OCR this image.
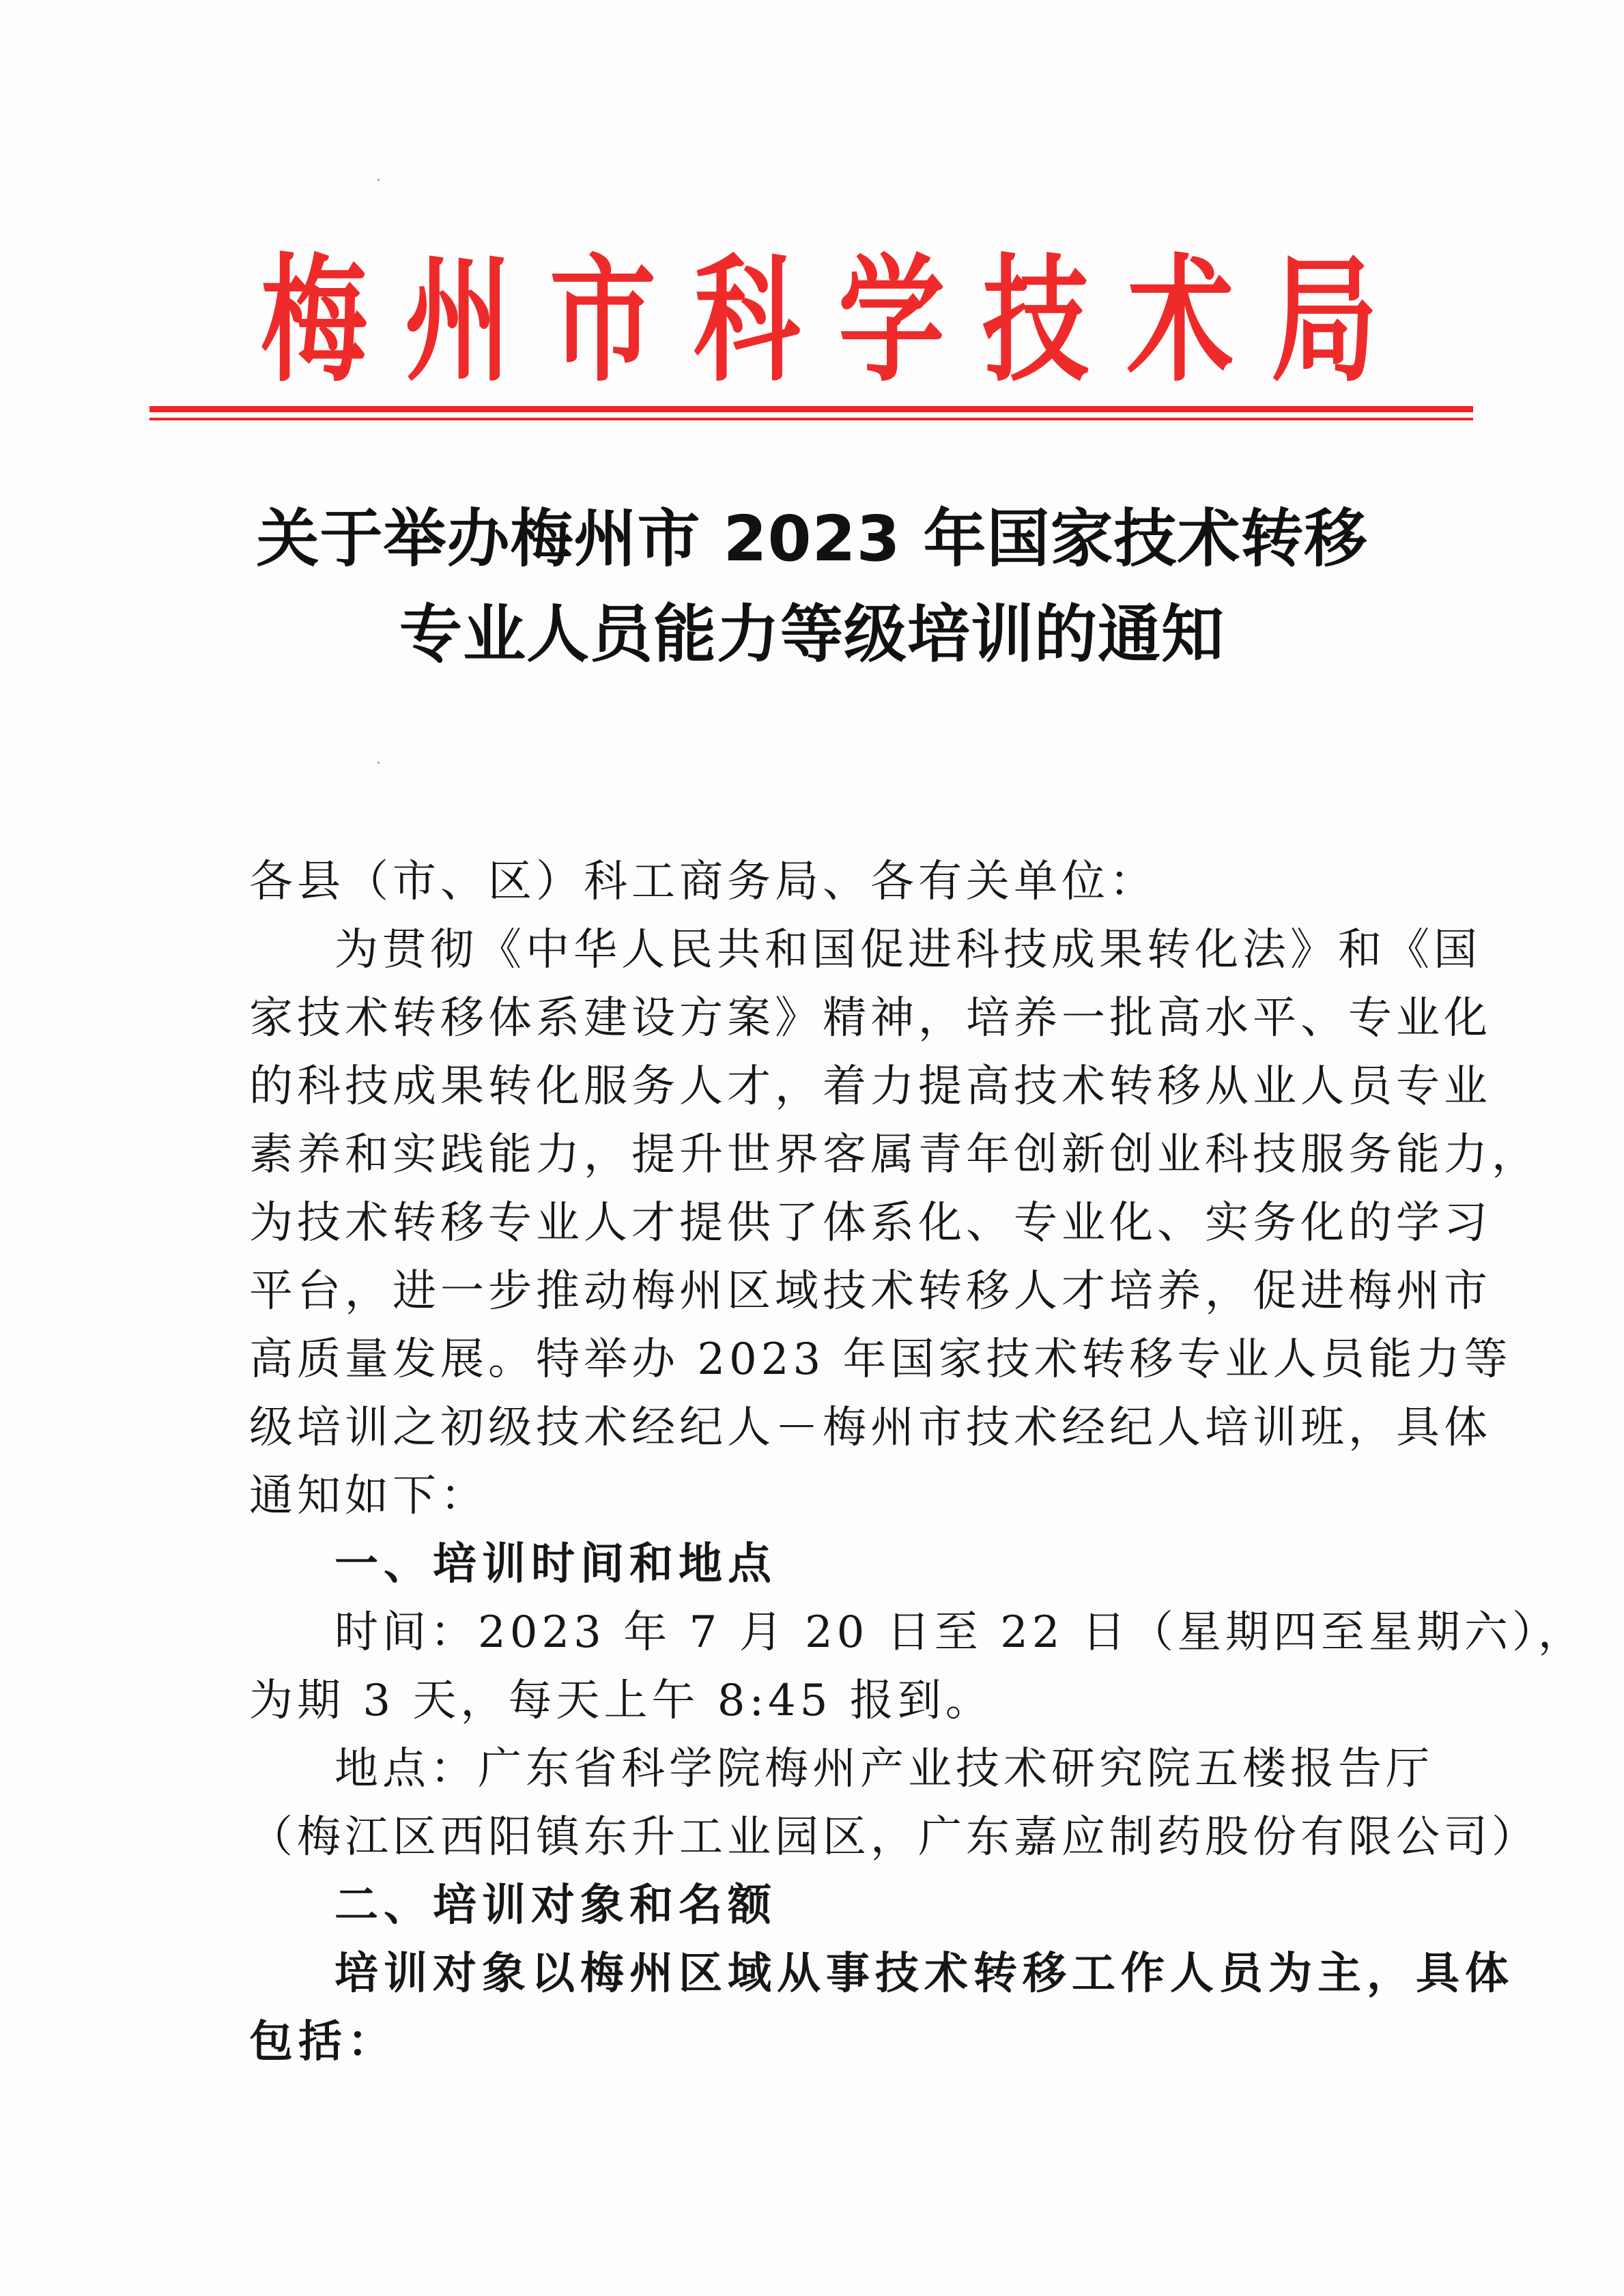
梅 州 市 科 学 技 术 局
关于举办梅州市 2023 年国家技术转移
专业人员能力等级培训的通知
各县（市、区）科工商务局、各有关单位：
为贯彻《中华人民共和国促进科技成果转化法》和《国
家技术转移体系建设方案》精神，培养一批高水平、专业化
的科技成果转化服务人才，着力提高技术转移从业人员专业
素养和实践能力，提升世界客属青年创新创业科技服务能力，
为技术转移专业人才提供了体系化、专业化、实务化的学习
平台，进一步推动梅州区域技术转移人才培养，促进梅州市
高质量发展。特举办 2023 年国家技术转移专业人员能力等
级培训之初级技术经纪人－梅州市技术经纪人培训班，具体
通知如下：
一、培训时间和地点
时间：2023 年 7 月 20 日至 22 日（星期四至星期六），
为期 3 天，每天上午 8:45 报到。
地点：广东省科学院梅州产业技术研究院五楼报告厅
（梅江区西阳镇东升工业园区，广东嘉应制药股份有限公司）
二、培训对象和名额
培训对象以梅州区域从事技术转移工作人员为主，具体
包括：
